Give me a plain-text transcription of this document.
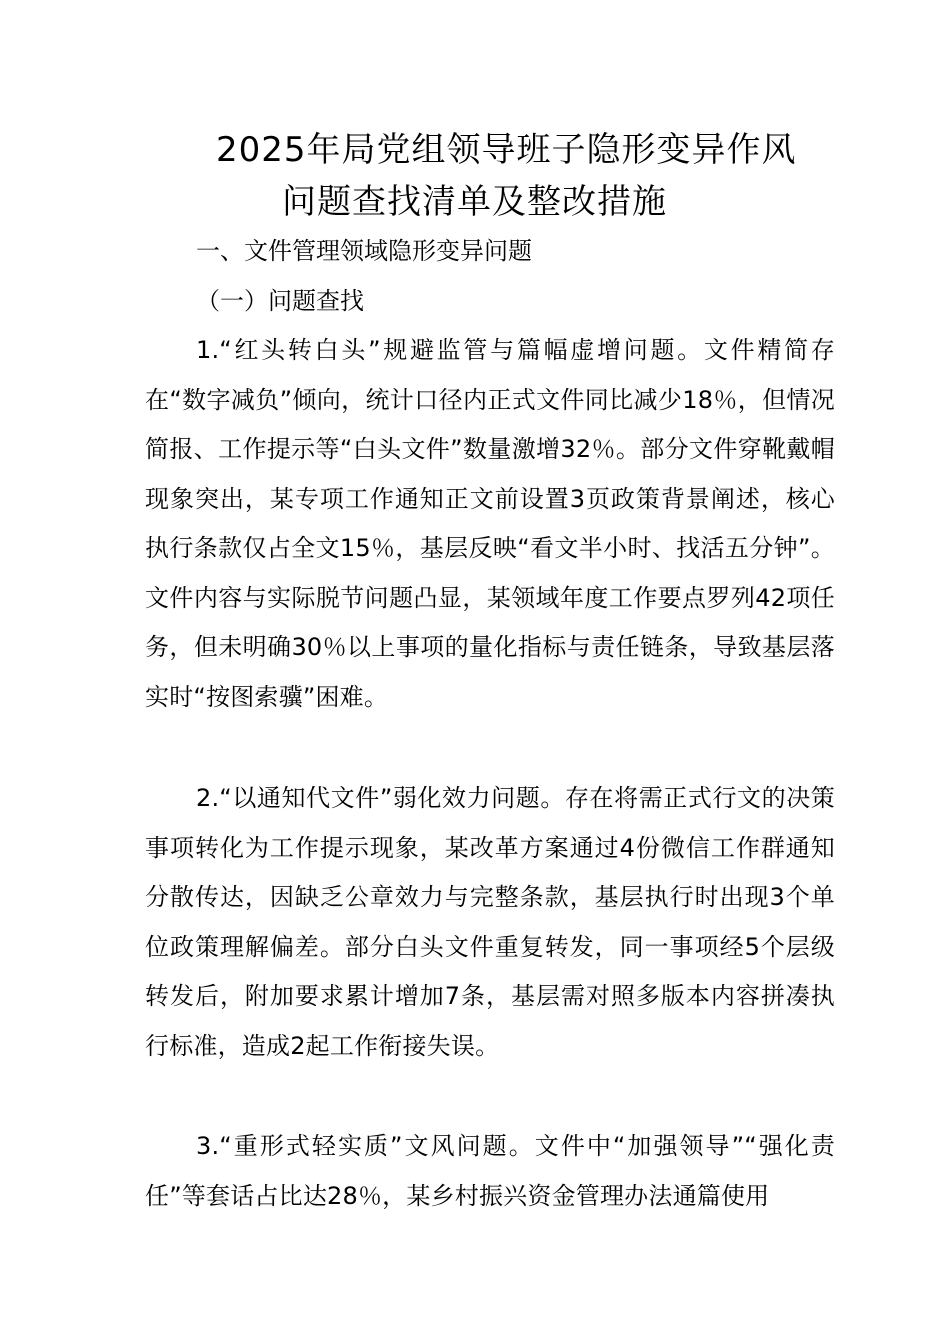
2025年局党组领导班子隐形变异作风
问题查找清单及整改措施
一、文件管理领域隐形变异问题
（一）问题查找

1.“红头转白头”规避监管与篇幅虚增问题。文件精简存在“数字减负”倾向，统计口径内正式文件同比减少18％，但情况简报、工作提示等“白头文件”数量激增32％。部分文件穿靴戴帽现象突出，某专项工作通知正文前设置3页政策背景阐述，核心执行条款仅占全文15％，基层反映“看文半小时、找活五分钟”。文件内容与实际脱节问题凸显，某领域年度工作要点罗列42项任务，但未明确30％以上事项的量化指标与责任链条，导致基层落实时“按图索骥”困难。

2.“以通知代文件”弱化效力问题。存在将需正式行文的决策事项转化为工作提示现象，某改革方案通过4份微信工作群通知分散传达，因缺乏公章效力与完整条款，基层执行时出现3个单位政策理解偏差。部分白头文件重复转发，同一事项经5个层级转发后，附加要求累计增加7条，基层需对照多版本内容拼凑执行标准，造成2起工作衔接失误。

3.“重形式轻实质”文风问题。文件中“加强领导”“强化责任”等套话占比达28％，某乡村振兴资金管理办法通篇使用
